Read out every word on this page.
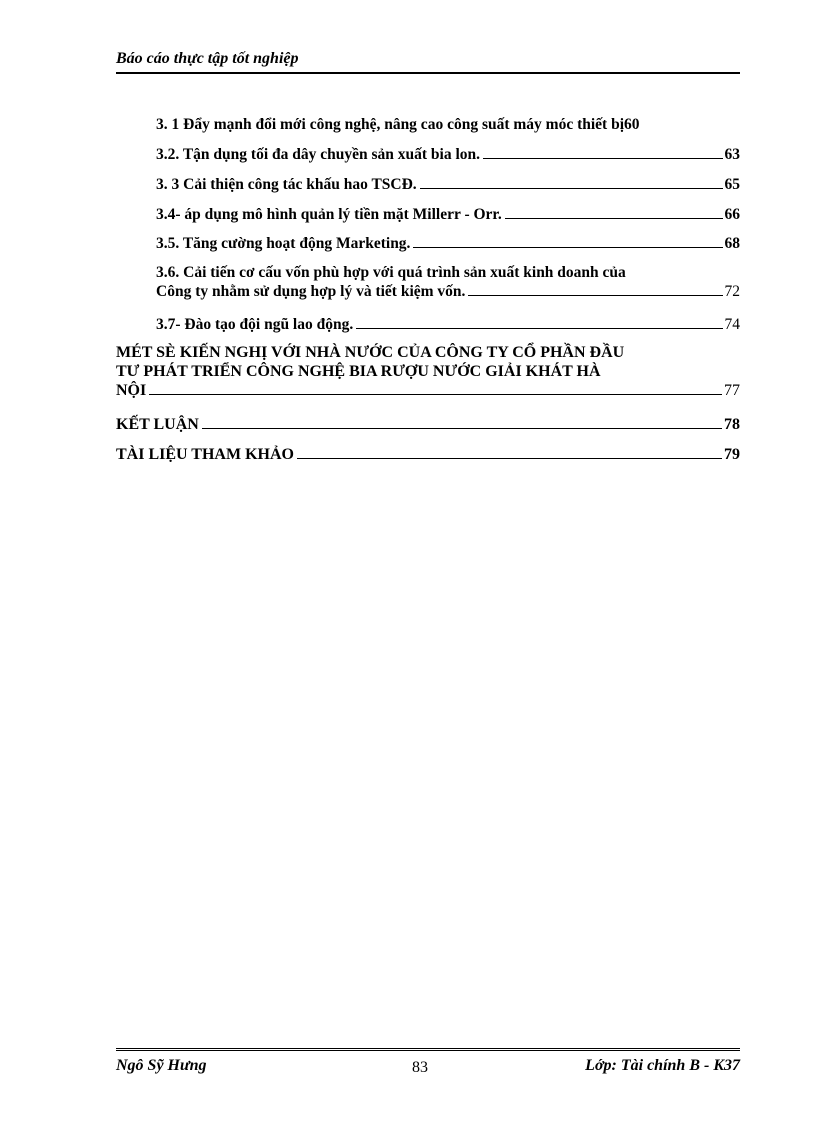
Báo cáo thực tập tốt nghiệp
3. 1 Đẩy mạnh đổi mới công nghệ, nâng cao công suất máy móc thiết bị 60
3.2. Tận dụng tối đa dây chuyền sản xuất bia lon.	63
3. 3 Cải thiện công tác khấu hao TSCĐ.	65
3.4- áp dụng mô hình quản lý tiền mặt Millerr - Orr.	66
3.5. Tăng cường hoạt động Marketing.	68
3.6. Cải tiến cơ cấu vốn phù hợp với quá trình sản xuất kinh doanh của
Công ty nhằm sử dụng hợp lý và tiết kiệm vốn.	72
3.7- Đào tạo đội ngũ lao động.	74
MÉT SÈ KIẾN NGHỊ VỚI NHÀ NƯỚC CỦA CÔNG TY CỔ PHẦN ĐẦU
TƯ PHÁT TRIỂN CÔNG NGHỆ BIA RƯỢU NƯỚC GIẢI KHÁT HÀ
NỘI	77
KẾT LUẬN	78
TÀI LIỆU THAM KHẢO	79
Ngô Sỹ Hưng	83	Lớp: Tài chính B - K37
